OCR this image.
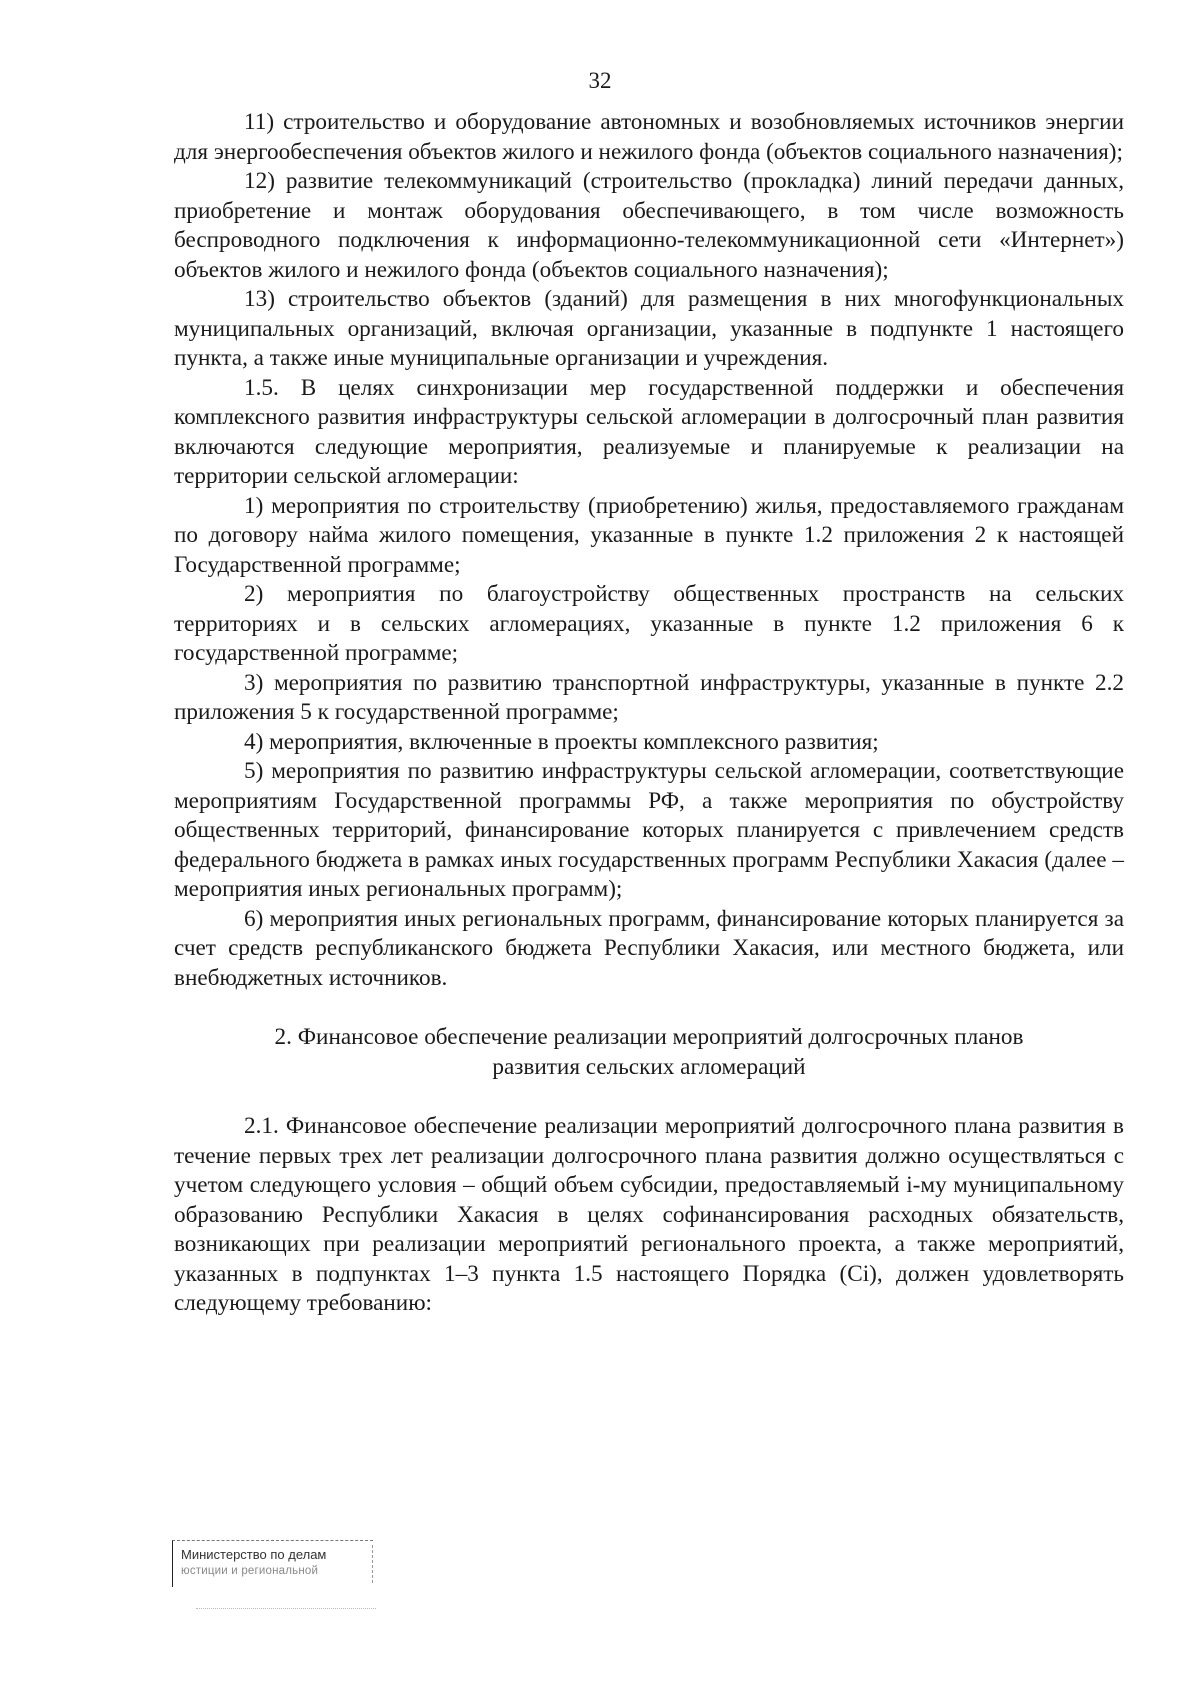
32

11) строительство и оборудование автономных и возобновляемых источников энергии для энергообеспечения объектов жилого и нежилого фонда (объектов социального назначения);

12) развитие телекоммуникаций (строительство (прокладка) линий передачи данных, приобретение и монтаж оборудования обеспечивающего, в том числе возможность беспроводного подключения к информационно-телекоммуникационной сети «Интернет») объектов жилого и нежилого фонда (объектов социального назначения);

13) строительство объектов (зданий) для размещения в них многофункциональных муниципальных организаций, включая организации, указанные в подпункте 1 настоящего пункта, а также иные муниципальные организации и учреждения.

1.5. В целях синхронизации мер государственной поддержки и обеспечения комплексного развития инфраструктуры сельской агломерации в долгосрочный план развития включаются следующие мероприятия, реализуемые и планируемые к реализации на территории сельской агломерации:

1) мероприятия по строительству (приобретению) жилья, предоставляемого гражданам по договору найма жилого помещения, указанные в пункте 1.2 приложения 2 к настоящей Государственной программе;

2) мероприятия по благоустройству общественных пространств на сельских территориях и в сельских агломерациях, указанные в пункте 1.2 приложения 6 к государственной программе;

3) мероприятия по развитию транспортной инфраструктуры, указанные в пункте 2.2 приложения 5 к государственной программе;

4) мероприятия, включенные в проекты комплексного развития;

5) мероприятия по развитию инфраструктуры сельской агломерации, соответствующие мероприятиям Государственной программы РФ, а также мероприятия по обустройству общественных территорий, финансирование которых планируется с привлечением средств федерального бюджета в рамках иных государственных программ Республики Хакасия (далее – мероприятия иных региональных программ);

6) мероприятия иных региональных программ, финансирование которых планируется за счет средств республиканского бюджета Республики Хакасия, или местного бюджета, или внебюджетных источников.

2. Финансовое обеспечение реализации мероприятий долгосрочных планов

развития сельских агломераций

2.1. Финансовое обеспечение реализации мероприятий долгосрочного плана развития в течение первых трех лет реализации долгосрочного плана развития должно осуществляться с учетом следующего условия – общий объем субсидии, предоставляемый i-му муниципальному образованию Республики Хакасия в целях софинансирования расходных обязательств, возникающих при реализации мероприятий регионального проекта, а также мероприятий, указанных в подпунктах 1–3 пункта 1.5 настоящего Порядка (Ci), должен удовлетворять следующему требованию:

Министерство по делам
юстиции и региональной
